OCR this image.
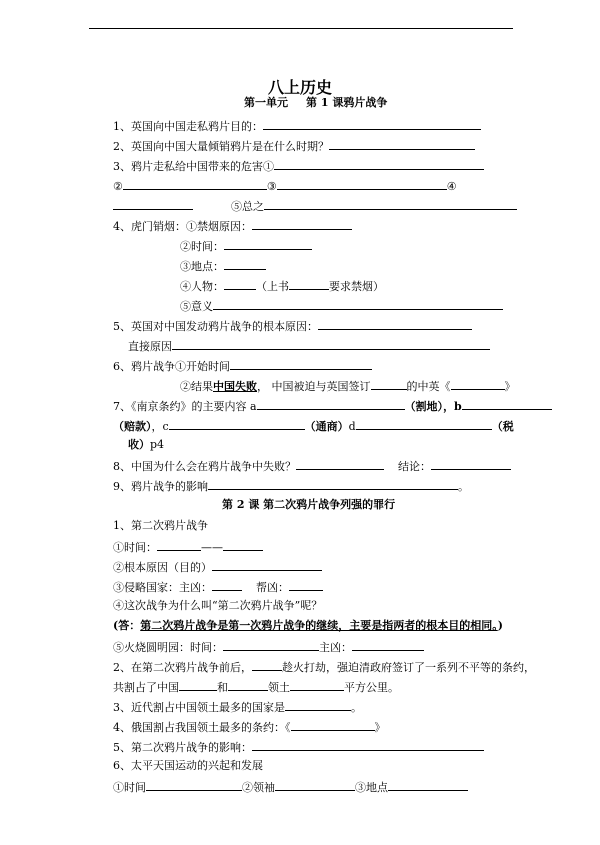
八上历史
第一单元 第 1 课鸦片战争
1、英国向中国走私鸦片目的：
2、英国向中国大量倾销鸦片是在什么时期？
3、鸦片走私给中国带来的危害①
②	③	④
⑤总之
4、虎门销烟：①禁烟原因：
②时间：
③地点：
④人物：	（上书	要求禁烟）
⑤意义
5、英国对中国发动鸦片战争的根本原因：
直接原因
6、鸦片战争①开始时间
②结果中国失败， 中国被迫与英国签订	的中英《	》
7、《南京条约》的主要内容 a	（割地），b
（赔款），c	（通商）d	（税
收）p4
8、中国为什么会在鸦片战争中失败？	结论：
9、鸦片战争的影响	。
第 2 课 第二次鸦片战争列强的罪行
1、第二次鸦片战争
①时间：	——
②根本原因（目的）
③侵略国家：主凶：	帮凶：
④这次战争为什么叫“第二次鸦片战争”呢？
(答：第二次鸦片战争是第一次鸦片战争的继续，主要是指两者的根本目的相同。)
⑤火烧圆明园：时间：	主凶：
2、在第二次鸦片战争前后，	趁火打劫，强迫清政府签订了一系列不平等的条约，
共割占了中国	和	领土	平方公里。
3、近代割占中国领土最多的国家是	。
4、俄国割占我国领土最多的条约：《	》
5、第二次鸦片战争的影响：
6、太平天国运动的兴起和发展
①时间	②领袖	③地点
